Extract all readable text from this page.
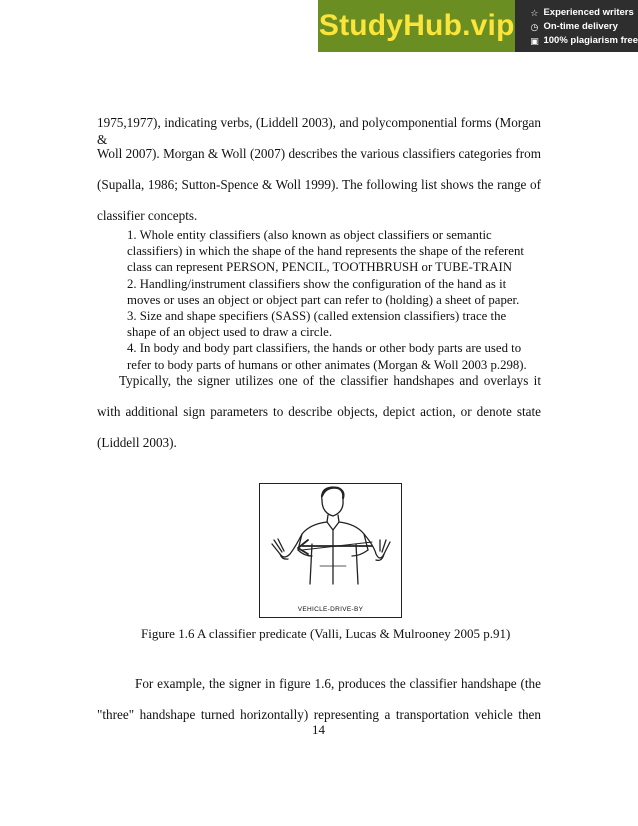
StudyHub.vip ☆ Experienced writers
◷ On-time delivery
▣ 100% plagiarism free

1975,1977), indicating verbs, (Liddell 2003), and polycomponential forms (Morgan &
Woll 2007). Morgan & Woll (2007) describes the various classifiers categories from
(Supalla, 1986; Sutton-Spence & Woll 1999). The following list shows the range of
classifier concepts.

1. Whole entity classifiers (also known as object classifiers or semantic
classifiers) in which the shape of the hand represents the shape of the referent
class can represent PERSON, PENCIL, TOOTHBRUSH or TUBE-TRAIN
2. Handling/instrument classifiers show the configuration of the hand as it
moves or uses an object or object part can refer to (holding) a sheet of paper.
3. Size and shape specifiers (SASS) (called extension classifiers) trace the
shape of an object used to draw a circle.
4. In body and body part classifiers, the hands or other body parts are used to
refer to body parts of humans or other animates (Morgan & Woll 2003 p.298).

Typically, the signer utilizes one of the classifier handshapes and overlays it
with additional sign parameters to describe objects, depict action, or denote state
(Liddell 2003).

VEHICLE-DRIVE-BY

Figure 1.6 A classifier predicate (Valli, Lucas & Mulrooney 2005 p.91)

For example, the signer in figure 1.6, produces the classifier handshape (the
"three" handshape turned horizontally) representing a transportation vehicle then

14
